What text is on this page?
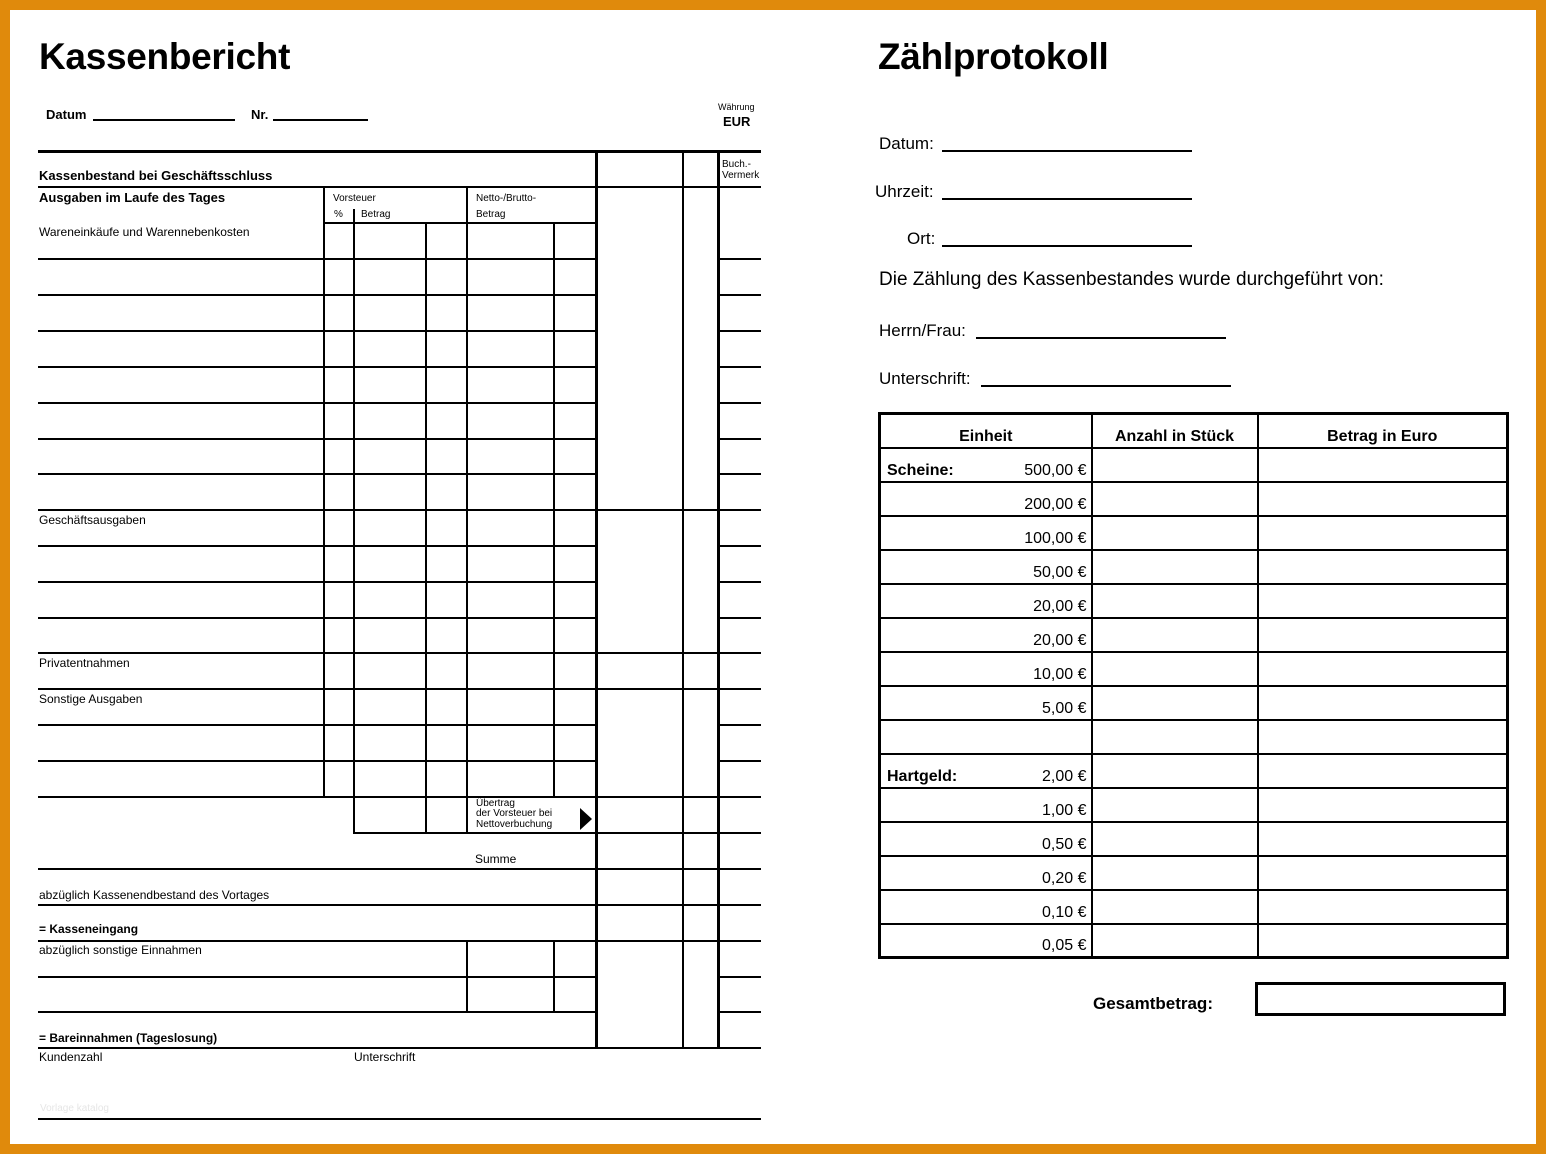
Kassenbericht
Datum	Nr.	Währung
EUR
Kassenbestand bei Geschäftsschluss
Buch.-
Vermerk
Ausgaben im Laufe des Tages	Vorsteuer
% Betrag
Netto-/Brutto-
Betrag
Wareneinkäufe und Warennebenkosten
Geschäftsausgaben
Privatentnahmen
Sonstige Ausgaben
Übertrag
der Vorsteuer bei
Nettoverbuchung
Summe
abzüglich Kassenendbestand des Vortages
= Kasseneingang
abzüglich sonstige Einnahmen
= Bareinnahmen (Tageslosung)
Kundenzahl	Unterschrift
Vorlage katalog
Zählprotokoll
Datum:
Uhrzeit:
Ort:
Die Zählung des Kassenbestandes wurde durchgeführt von:
Herrn/Frau:
Unterschrift:
Einheit	Anzahl in Stück	Betrag in Euro

Scheine: 500,00 €		

200,00 €		

100,00 €		

50,00 €		

20,00 €		

20,00 €		

10,00 €		

5,00 €		

Hartgeld: 2,00 €		

1,00 €		

0,50 €		

0,20 €		

0,10 €		

0,05 €		

Gesamtbetrag:
